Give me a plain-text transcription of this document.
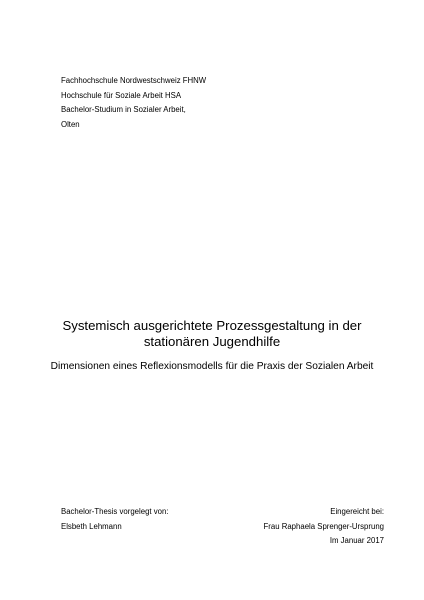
Fachhochschule Nordwestschweiz FHNW
Hochschule für Soziale Arbeit HSA
Bachelor-Studium in Sozialer Arbeit,
Olten
Systemisch ausgerichtete Prozessgestaltung in der stationären Jugendhilfe
Dimensionen eines Reflexionsmodells für die Praxis der Sozialen Arbeit
Bachelor-Thesis vorgelegt von:
Elsbeth Lehmann
Eingereicht bei:
Frau Raphaela Sprenger-Ursprung
Im Januar 2017
